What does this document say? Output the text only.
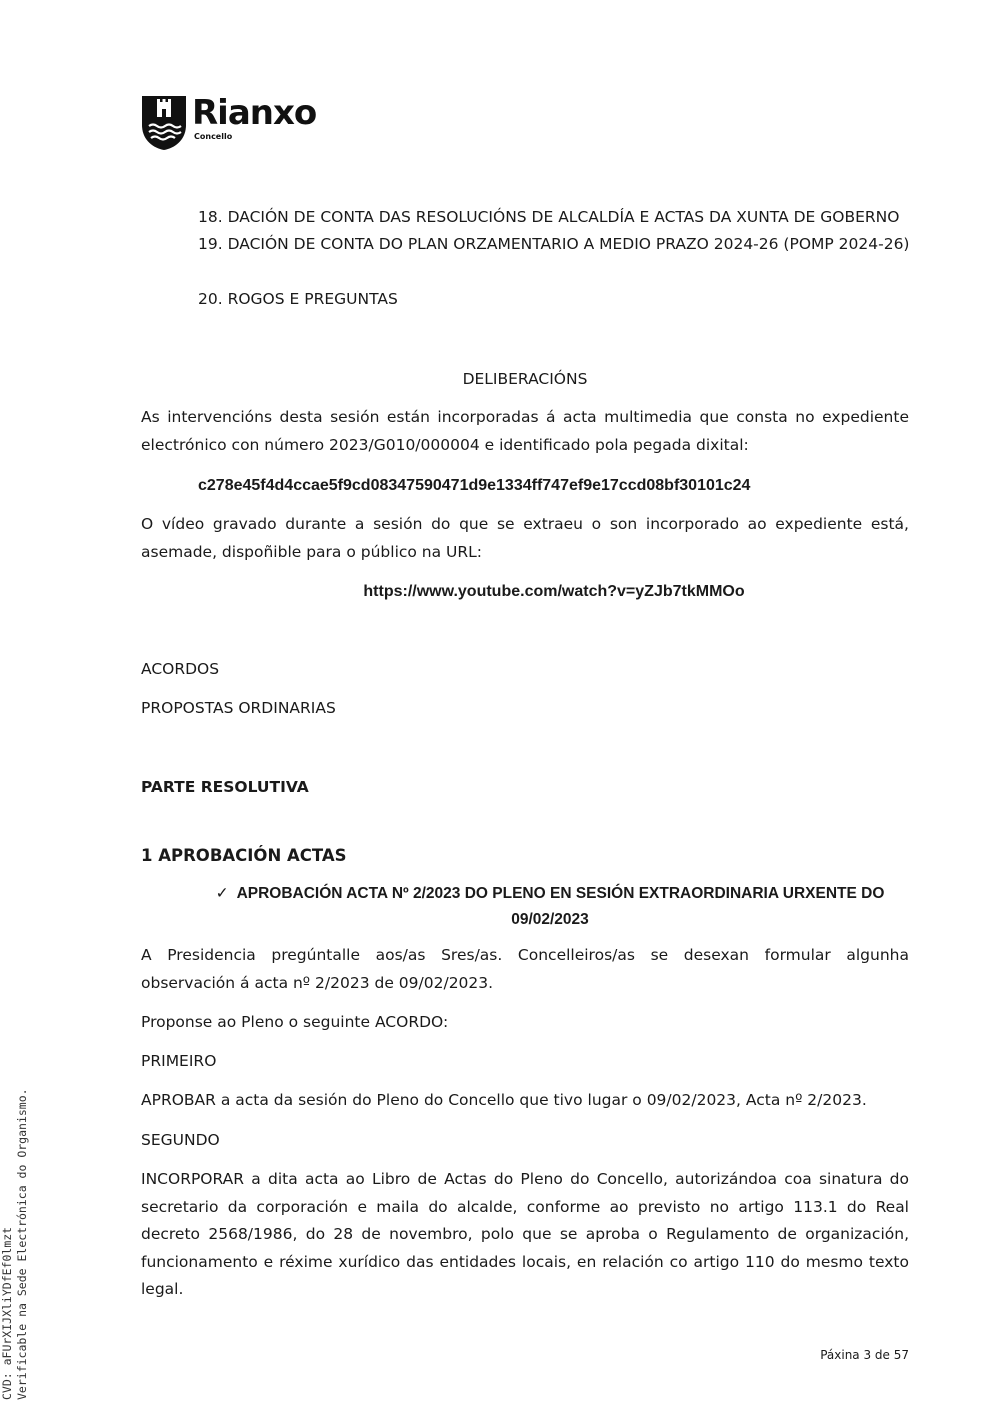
Rianxo
Concello
18. DACIÓN DE CONTA DAS RESOLUCIÓNS DE ALCALDÍA E ACTAS DA XUNTA DE GOBERNO
19. DACIÓN DE CONTA DO PLAN ORZAMENTARIO A MEDIO PRAZO 2024-26 (POMP 2024-26)
20. ROGOS E PREGUNTAS
DELIBERACIÓNS
As intervencións desta sesión están incorporadas á acta multimedia que consta no expediente electrónico con número 2023/G010/000004 e identificado pola pegada dixital:
c278e45f4d4ccae5f9cd08347590471d9e1334ff747ef9e17ccd08bf30101c24
O vídeo gravado durante a sesión do que se extraeu o son incorporado ao expediente está, asemade, dispoñible para o público na URL:
https://www.youtube.com/watch?v=yZJb7tkMMOo
ACORDOS
PROPOSTAS ORDINARIAS
PARTE RESOLUTIVA
1 APROBACIÓN ACTAS
✓ APROBACIÓN ACTA Nº 2/2023 DO PLENO EN SESIÓN EXTRAORDINARIA URXENTE DO 09/02/2023
A Presidencia pregúntalle aos/as Sres/as. Concelleiros/as se desexan formular algunha observación á acta nº 2/2023 de 09/02/2023.
Proponse ao Pleno o seguinte ACORDO:
PRIMEIRO
APROBAR a acta da sesión do Pleno do Concello que tivo lugar o 09/02/2023, Acta nº 2/2023.
SEGUNDO
INCORPORAR a dita acta ao Libro de Actas do Pleno do Concello, autorizándoa coa sinatura do secretario da corporación e maila do alcalde, conforme ao previsto no artigo 113.1 do Real decreto 2568/1986, do 28 de novembro, polo que se aproba o Regulamento de organización, funcionamento e réxime xurídico das entidades locais, en relación co artigo 110 do mesmo texto legal.
Páxina 3 de 57
CVD: aFUrXIJXliYDfEf0lmzt Verificable na Sede Electrónica do Organismo.
